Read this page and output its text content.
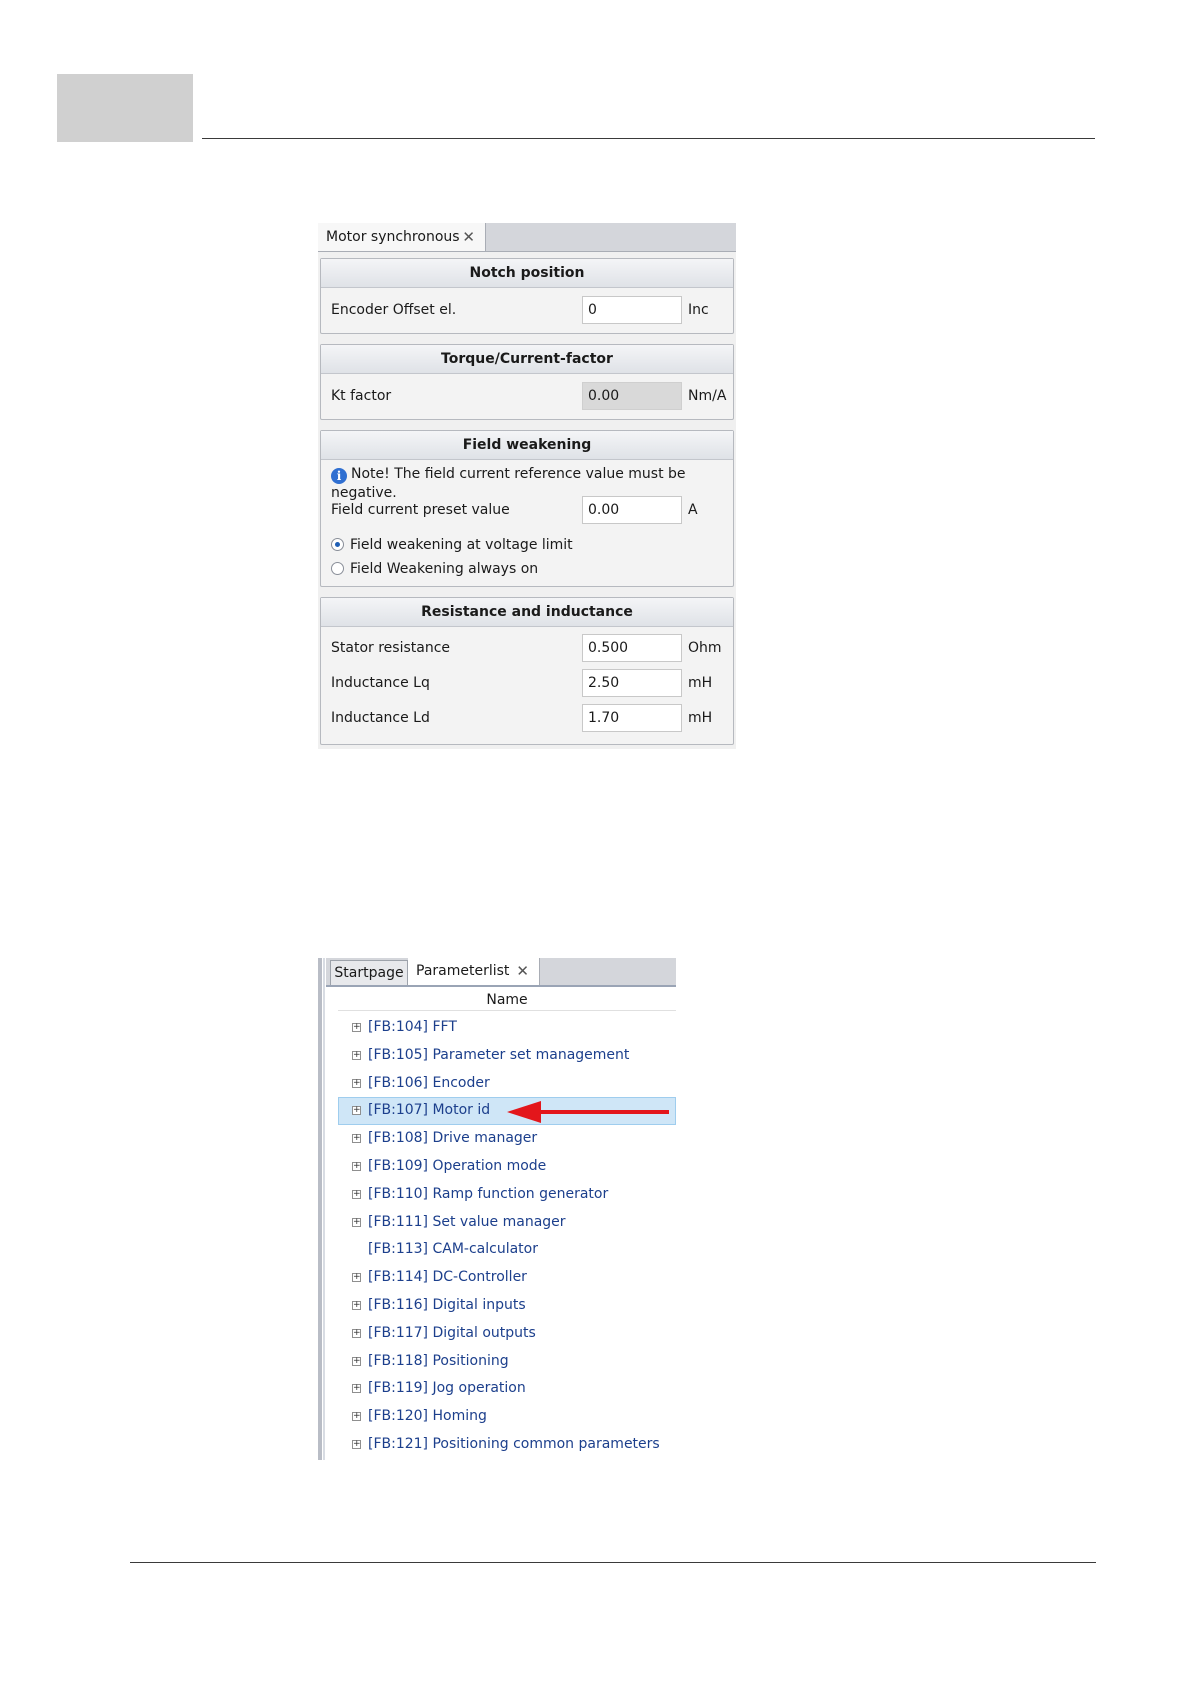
Motor synchronous ✕
Notch position
Encoder Offset el.	0	Inc
Torque/Current-factor
Kt factor	0.00	Nm/A
Field weakening
i Note! The field current reference value must be negative.
Field current preset value	0.00	A
Field weakening at voltage limit
Field Weakening always on
Resistance and inductance
Stator resistance	0.500	Ohm
Inductance Lq	2.50	mH
Inductance Ld	1.70	mH
Startpage Parameterlist ✕
Name
+ [FB:104] FFT
+ [FB:105] Parameter set management
+ [FB:106] Encoder
+ [FB:107] Motor id
+ [FB:108] Drive manager
+ [FB:109] Operation mode
+ [FB:110] Ramp function generator
+ [FB:111] Set value manager
[FB:113] CAM-calculator
+ [FB:114] DC-Controller
+ [FB:116] Digital inputs
+ [FB:117] Digital outputs
+ [FB:118] Positioning
+ [FB:119] Jog operation
+ [FB:120] Homing
+ [FB:121] Positioning common parameters
